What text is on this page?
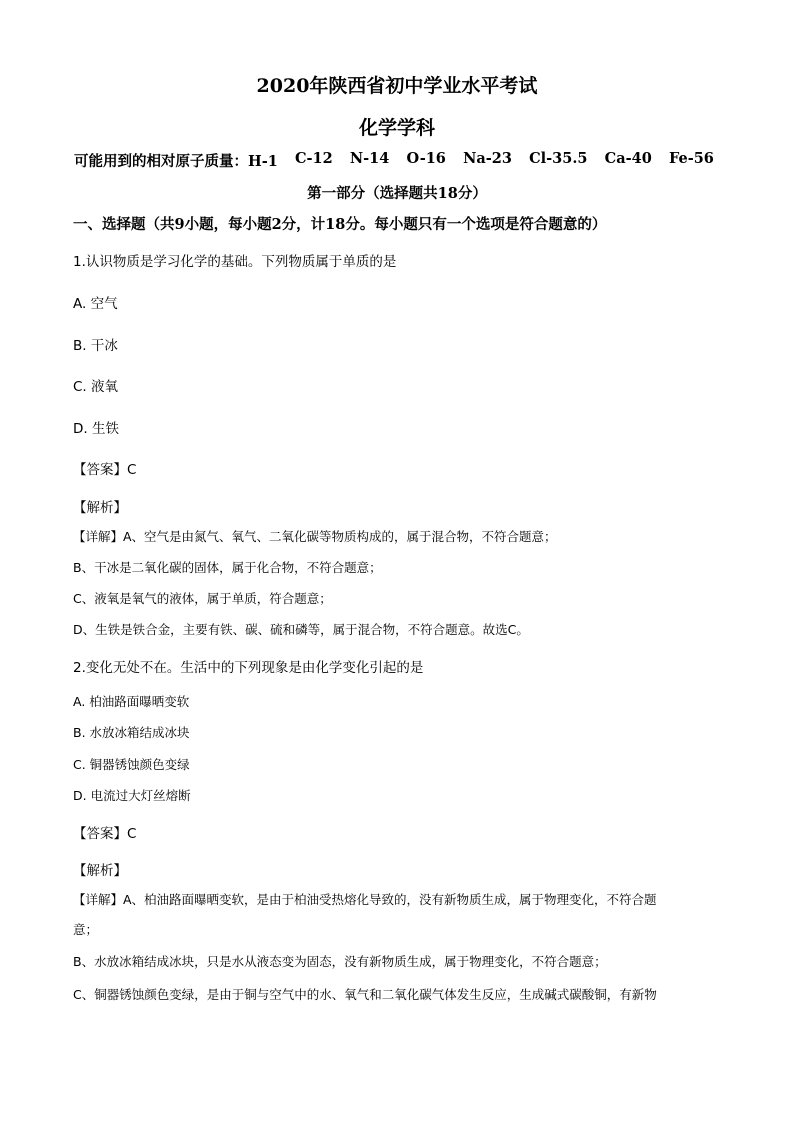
2020年陕西省初中学业水平考试
化学学科
可能用到的相对原子质量：H-1 C-12 N-14 O-16 Na-23 Cl-35.5 Ca-40 Fe-56
第一部分（选择题共18分）
一、选择题（共9小题，每小题2分，计18分。每小题只有一个选项是符合题意的）
1.认识物质是学习化学的基础。下列物质属于单质的是
A. 空气
B. 干冰
C. 液氧
D. 生铁
【答案】C
【解析】
【详解】A、空气是由氮气、氧气、二氧化碳等物质构成的，属于混合物，不符合题意；
B、干冰是二氧化碳的固体，属于化合物，不符合题意；
C、液氧是氧气的液体，属于单质，符合题意；
D、生铁是铁合金，主要有铁、碳、硫和磷等，属于混合物，不符合题意。故选C。
2.变化无处不在。生活中的下列现象是由化学变化引起的是
A. 柏油路面曝晒变软
B. 水放冰箱结成冰块
C. 铜器锈蚀颜色变绿
D. 电流过大灯丝熔断
【答案】C
【解析】
【详解】A、柏油路面曝晒变软，是由于柏油受热熔化导致的，没有新物质生成，属于物理变化，不符合题
意；
B、水放冰箱结成冰块，只是水从液态变为固态，没有新物质生成，属于物理变化，不符合题意；
C、铜器锈蚀颜色变绿，是由于铜与空气中的水、氧气和二氧化碳气体发生反应，生成碱式碳酸铜，有新物
